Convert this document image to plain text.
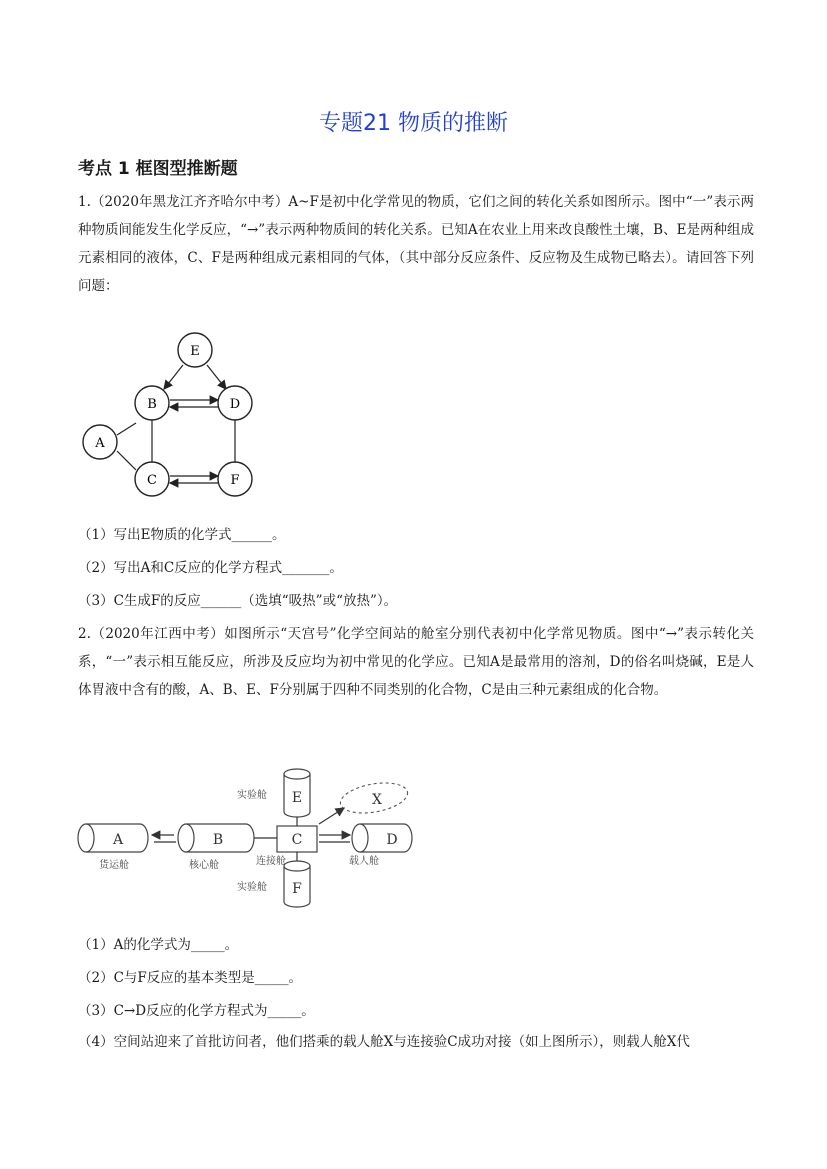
专题21 物质的推断
考点 1 框图型推断题
1.（2020年黑龙江齐齐哈尔中考）A~F是初中化学常见的物质，它们之间的转化关系如图所示。图中“一”表示两种物质间能发生化学反应，“→”表示两种物质间的转化关系。已知A在农业上用来改良酸性土壤，B、E是两种组成元素相同的液体，C、F是两种组成元素相同的气体，（其中部分反应条件、反应物及生成物已略去）。请回答下列问题：
E
B	D
A
C	F
（1）写出E物质的化学式______。
（2）写出A和C反应的化学方程式_______。
（3）C生成F的反应______（选填“吸热”或“放热”）。
2.（2020年江西中考）如图所示“天宫号”化学空间站的舱室分别代表初中化学常见物质。图中“→”表示转化关系，“一”表示相互能反应，所涉及反应均为初中常见的化学应。已知A是最常用的溶剂，D的俗名叫烧碱，E是人体胃液中含有的酸，A、B、E、F分别属于四种不同类别的化合物，C是由三种元素组成的化合物。
A	B	C
E
F
D
X
货运舱	核心舱	连接舱	载人舱
实验舱
实验舱
（1）A的化学式为_____。
（2）C与F反应的基本类型是_____。
（3）C→D反应的化学方程式为_____。
（4）空间站迎来了首批访问者，他们搭乘的载人舱X与连接验C成功对接（如上图所示），则载人舱X代
